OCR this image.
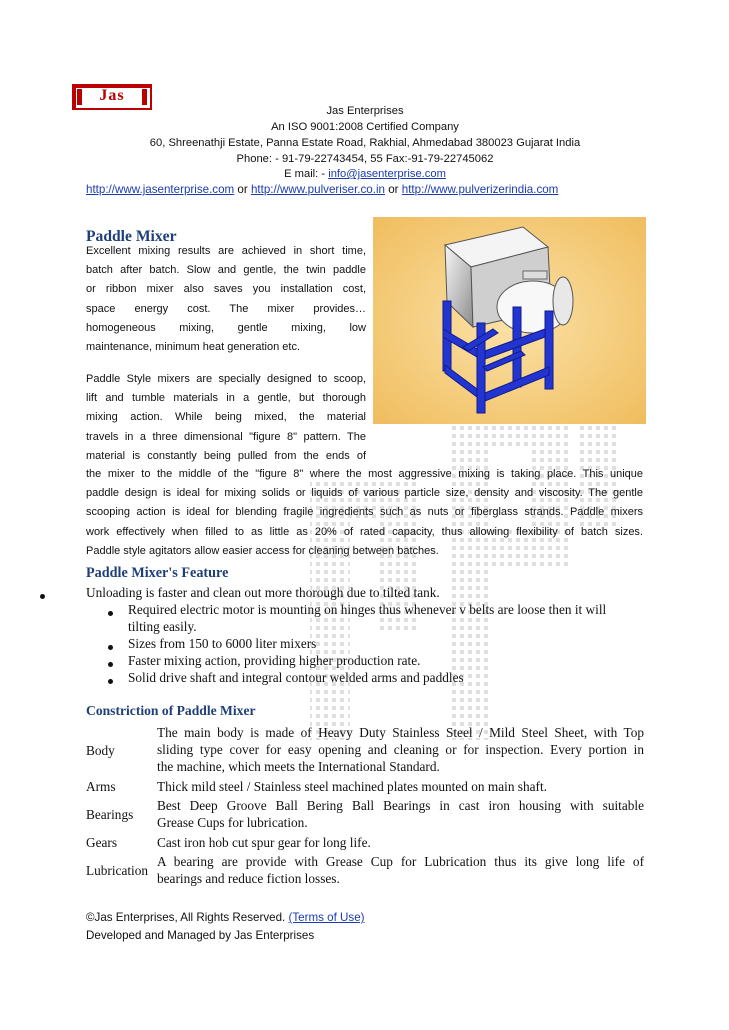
Jas
Jas Enterprises
An ISO 9001:2008 Certified Company
60, Shreenathji Estate, Panna Estate Road, Rakhial, Ahmedabad 380023 Gujarat India
Phone: - 91-79-22743454, 55 Fax:-91-79-22745062
E mail: - info@jasenterprise.com
http://www.jasenterprise.com or http://www.pulveriser.co.in or http://www.pulverizerindia.com
Paddle Mixer
Excellent mixing results are achieved in short time,
batch after batch. Slow and gentle, the twin paddle
or ribbon mixer also saves you installation cost,
space energy cost. The mixer provides…
homogeneous mixing, gentle mixing, low
maintenance, minimum heat generation etc.
Paddle Style mixers are specially designed to scoop,
lift and tumble materials in a gentle, but thorough
mixing action. While being mixed, the material
travels in a three dimensional "figure 8" pattern. The
material is constantly being pulled from the ends of
the mixer to the middle of the "figure 8" where the most aggressive mixing is taking place. This unique
paddle design is ideal for mixing solids or liquids of various particle size, density and viscosity. The gentle
scooping action is ideal for blending fragile ingredients such as nuts or fiberglass strands. Paddle mixers
work effectively when filled to as little as 20% of rated capacity, thus allowing flexibility of batch sizes.
Paddle style agitators allow easier access for cleaning between batches.
Paddle Mixer's Feature
Unloading is faster and clean out more thorough due to tilted tank.
Required electric motor is mounting on hinges thus whenever v belts are loose then it will
tilting easily.
Sizes from 150 to 6000 liter mixers
Faster mixing action, providing higher production rate.
Solid drive shaft and integral contour welded arms and paddles
Constriction of Paddle Mixer
Body
The main body is made of Heavy Duty Stainless Steel / Mild Steel Sheet, with Top
sliding type cover for easy opening and cleaning or for inspection. Every portion in
the machine, which meets the International Standard.
Arms	Thick mild steel / Stainless steel machined plates mounted on main shaft.
Bearings
Best Deep Groove Ball Bering Ball Bearings in cast iron housing with suitable
Grease Cups for lubrication.
Gears	Cast iron hob cut spur gear for long life.
Lubrication
A bearing are provide with Grease Cup for Lubrication thus its give long life of
bearings and reduce fiction losses.
©Jas Enterprises, All Rights Reserved. (Terms of Use)
Developed and Managed by Jas Enterprises
